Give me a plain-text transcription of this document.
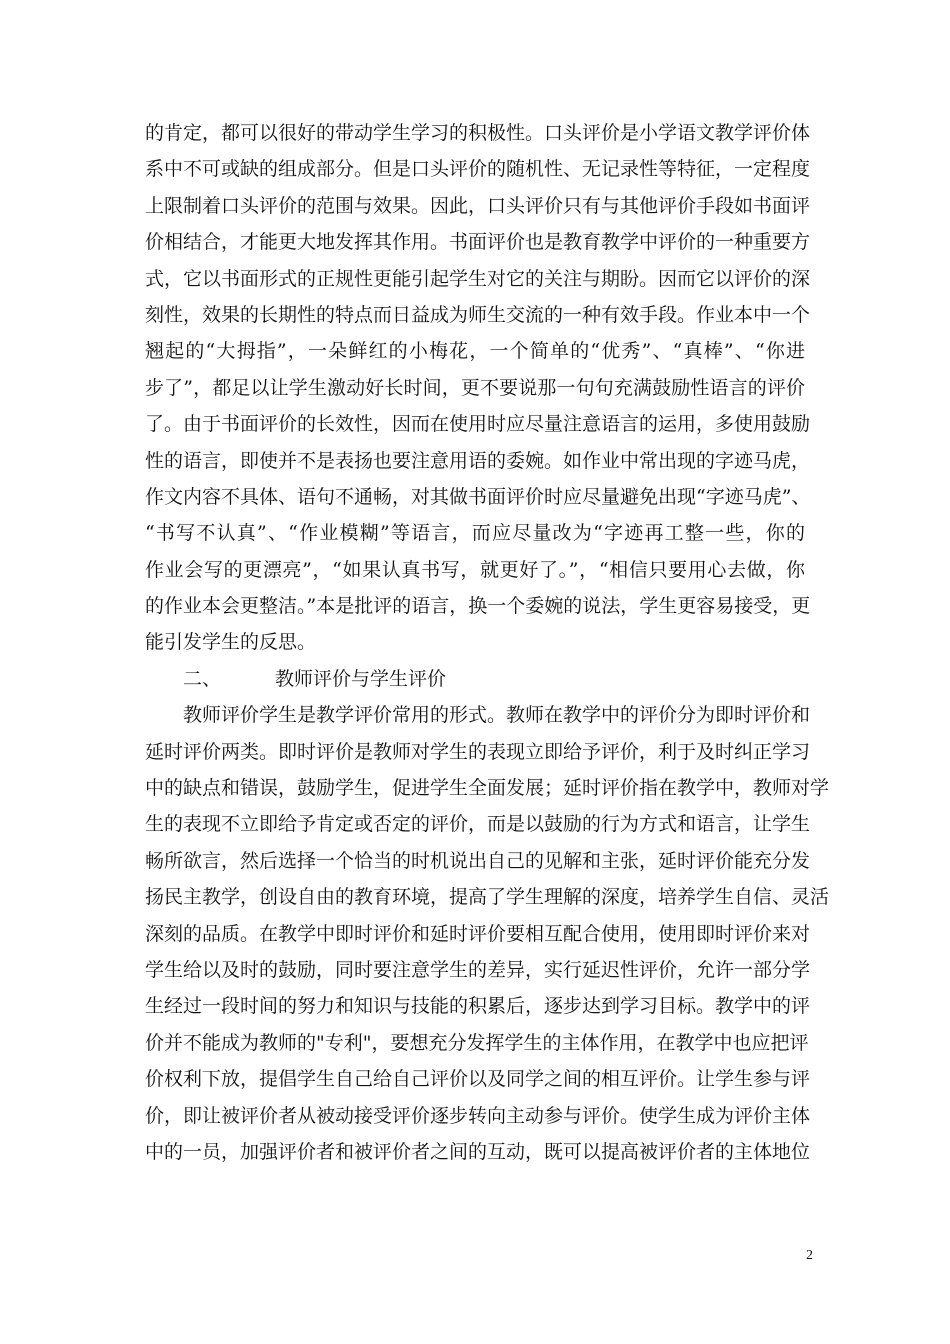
的肯定，都可以很好的带动学生学习的积极性。口头评价是小学语文教学评价体
系中不可或缺的组成部分。但是口头评价的随机性、无记录性等特征，一定程度
上限制着口头评价的范围与效果。因此，口头评价只有与其他评价手段如书面评
价相结合，才能更大地发挥其作用。书面评价也是教育教学中评价的一种重要方
式，它以书面形式的正规性更能引起学生对它的关注与期盼。因而它以评价的深
刻性，效果的长期性的特点而日益成为师生交流的一种有效手段。作业本中一个
翘起的“大拇指”，一朵鲜红的小梅花，一个简单的“优秀”、“真棒”、“你进
步了”，都足以让学生激动好长时间，更不要说那一句句充满鼓励性语言的评价
了。由于书面评价的长效性，因而在使用时应尽量注意语言的运用，多使用鼓励
性的语言，即使并不是表扬也要注意用语的委婉。如作业中常出现的字迹马虎，
作文内容不具体、语句不通畅，对其做书面评价时应尽量避免出现“字迹马虎”、
“书写不认真”、“作业模糊”等语言，而应尽量改为“字迹再工整一些，你的
作业会写的更漂亮”，“如果认真书写，就更好了。”，“相信只要用心去做，你
的作业本会更整洁。”本是批评的语言，换一个委婉的说法，学生更容易接受，更
能引发学生的反思。
二、	教师评价与学生评价
教师评价学生是教学评价常用的形式。教师在教学中的评价分为即时评价和
延时评价两类。即时评价是教师对学生的表现立即给予评价，利于及时纠正学习
中的缺点和错误，鼓励学生，促进学生全面发展；延时评价指在教学中，教师对学
生的表现不立即给予肯定或否定的评价，而是以鼓励的行为方式和语言，让学生
畅所欲言，然后选择一个恰当的时机说出自己的见解和主张，延时评价能充分发
扬民主教学，创设自由的教育环境，提高了学生理解的深度，培养学生自信、灵活
深刻的品质。在教学中即时评价和延时评价要相互配合使用，使用即时评价来对
学生给以及时的鼓励，同时要注意学生的差异，实行延迟性评价，允许一部分学
生经过一段时间的努力和知识与技能的积累后，逐步达到学习目标。教学中的评
价并不能成为教师的"专利"，要想充分发挥学生的主体作用，在教学中也应把评
价权利下放，提倡学生自己给自己评价以及同学之间的相互评价。让学生参与评
价，即让被评价者从被动接受评价逐步转向主动参与评价。使学生成为评价主体
中的一员，加强评价者和被评价者之间的互动，既可以提高被评价者的主体地位
2
